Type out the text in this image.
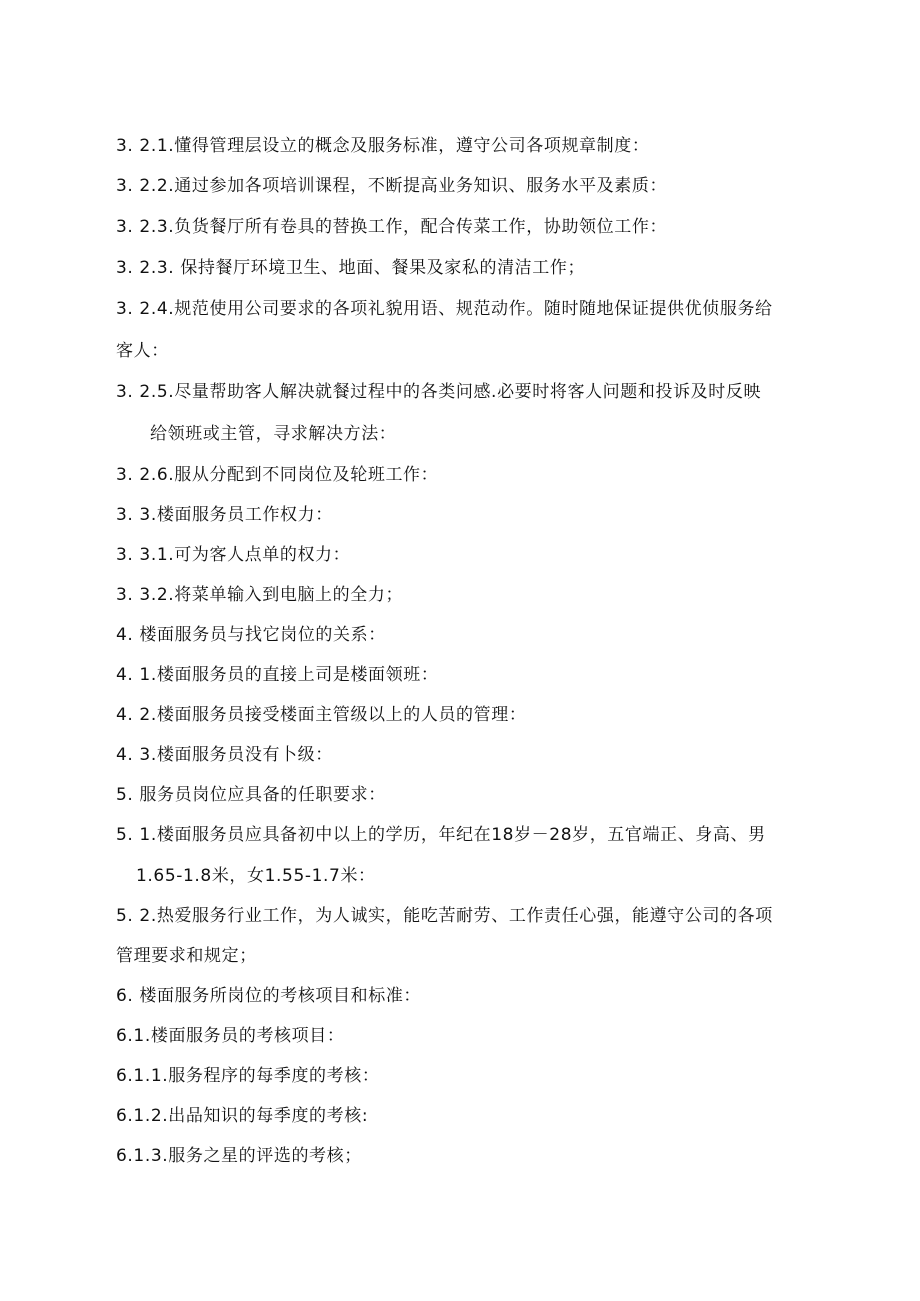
3. 2.1.懂得管理层设立的概念及服务标准，遵守公司各项规章制度：
3. 2.2.通过参加各项培训课程，不断提高业务知识、服务水平及素质：
3. 2.3.负货餐厅所有卷具的替换工作，配合传菜工作，协助领位工作：
3. 2.3. 保持餐厅环境卫生、地面、餐果及家私的清洁工作；
3. 2.4.规范使用公司要求的各项礼貌用语、规范动作。随时随地保证提供优侦服务给
客人：
3. 2.5.尽量帮助客人解决就餐过程中的各类问感.必要时将客人问题和投诉及时反映
给领班或主管，寻求解决方法：
3. 2.6.服从分配到不同岗位及轮班工作：
3. 3.楼面服务员工作权力：
3. 3.1.可为客人点单的权力：
3. 3.2.将菜单输入到电脑上的全力；
4. 楼面服务员与找它岗位的关系：
4. 1.楼面服务员的直接上司是楼面领班：
4. 2.楼面服务员接受楼面主管级以上的人员的管理：
4. 3.楼面服务员没有卜级：
5. 服务员岗位应具备的任职要求：
5. 1.楼面服务员应具备初中以上的学历，年纪在18岁－28岁，五官端正、身高、男
1.65-1.8米，女1.55-1.7米：
5. 2.热爱服务行业工作，为人诚实，能吃苦耐劳、工作责任心强，能遵守公司的各项
管理要求和规定；
6. 楼面服务所岗位的考核项目和标准：
6.1.楼面服务员的考核项目：
6.1.1.服务程序的每季度的考核：
6.1.2.出品知识的每季度的考核:
6.1.3.服务之星的评选的考核；
